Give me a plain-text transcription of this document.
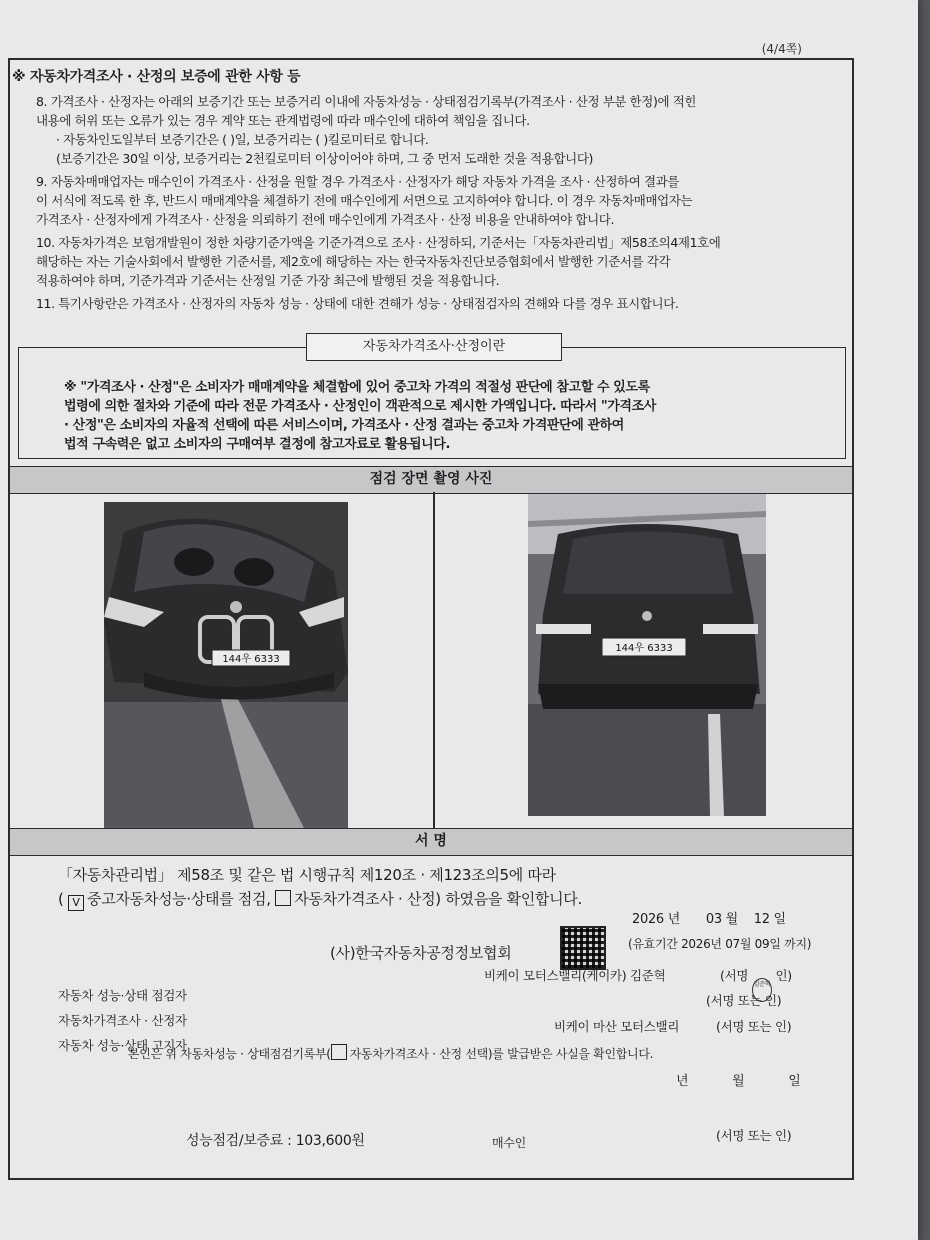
(4/4쪽)
※ 자동차가격조사 · 산정의 보증에 관한 사항 등
8. 가격조사 · 산정자는 아래의 보증기간 또는 보증거리 이내에 자동차성능 · 상태점검기록부(가격조사 · 산정 부분 한정)에 적힌
내용에 허위 또는 오류가 있는 경우 계약 또는 관계법령에 따라 매수인에 대하여 책임을 집니다.
· 자동차인도일부터 보증기간은 ( )일, 보증거리는 ( )킬로미터로 합니다.
(보증기간은 30일 이상, 보증거리는 2천킬로미터 이상이어야 하며, 그 중 먼저 도래한 것을 적용합니다)
9. 자동차매매업자는 매수인이 가격조사 · 산정을 원할 경우 가격조사 · 산정자가 해당 자동차 가격을 조사 · 산정하여 결과를
이 서식에 적도록 한 후, 반드시 매매계약을 체결하기 전에 매수인에게 서면으로 고지하여야 합니다. 이 경우 자동차매매업자는
가격조사 · 산정자에게 가격조사 · 산정을 의뢰하기 전에 매수인에게 가격조사 · 산정 비용을 안내하여야 합니다.
10. 자동차가격은 보험개발원이 정한 차량기준가액을 기준가격으로 조사 · 산정하되, 기준서는「자동차관리법」제58조의4제1호에
해당하는 자는 기술사회에서 발행한 기준서를, 제2호에 해당하는 자는 한국자동차진단보증협회에서 발행한 기준서를 각각
적용하여야 하며, 기준가격과 기준서는 산정일 기준 가장 최근에 발행된 것을 적용합니다.
11. 특기사항란은 가격조사 · 산정자의 자동차 성능 · 상태에 대한 견해가 성능 · 상태점검자의 견해와 다를 경우 표시합니다.
자동차가격조사·산정이란
※ "가격조사 · 산정"은 소비자가 매매계약을 체결함에 있어 중고차 가격의 적절성 판단에 참고할 수 있도록
법령에 의한 절차와 기준에 따라 전문 가격조사 · 산정인이 객관적으로 제시한 가액입니다. 따라서 "가격조사
· 산정"은 소비자의 자율적 선택에 따른 서비스이며, 가격조사 · 산정 결과는 중고차 가격판단에 관하여
법적 구속력은 없고 소비자의 구매여부 결정에 참고자료로 활용됩니다.
점검 장면 촬영 사진
144우 6333
144우 6333
서 명
「자동차관리법」 제58조 및 같은 법 시행규칙 제120조 · 제123조의5에 따라
( V 중고자동차성능·상태를 점검, 자동차가격조사 · 산정) 하였음을 확인합니다.
2026 년 03 월 12 일
(사)한국자동차공정정보협회	(유효기간 2026년 07월 09일 까지)
비케이 모터스밸리(케이카) 김준혁	(서명 김준혁 인)
자동차 성능·상태 점검자	(서명 또는 인)
자동차가격조사 · 산정자	비케이 마산 모터스밸리	(서명 또는 인)
자동차 성능·상태 고지자
본인은 위 자동차성능 · 상태점검기록부( 자동차가격조사 · 산정 선택)를 발급받은 사실을 확인합니다.
년	월	일
성능점검/보증료 : 103,600원	매수인	(서명 또는 인)
